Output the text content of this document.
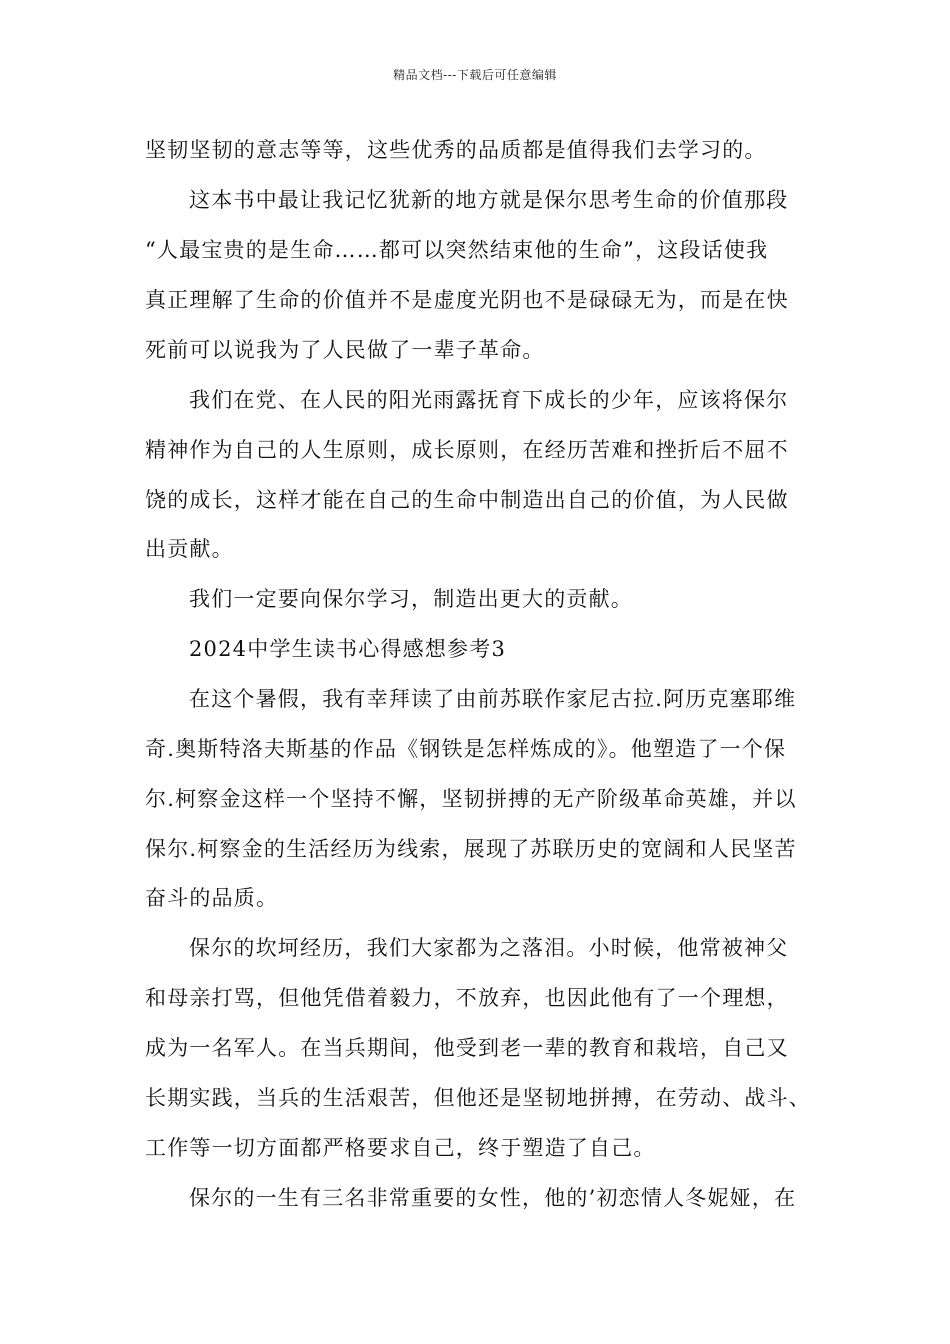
精品文档---下载后可任意编辑
坚韧坚韧的意志等等，这些优秀的品质都是值得我们去学习的。
这本书中最让我记忆犹新的地方就是保尔思考生命的价值那段
“人最宝贵的是生命……都可以突然结束他的生命”，这段话使我
真正理解了生命的价值并不是虚度光阴也不是碌碌无为，而是在快
死前可以说我为了人民做了一辈子革命。
我们在党、在人民的阳光雨露抚育下成长的少年，应该将保尔
精神作为自己的人生原则，成长原则，在经历苦难和挫折后不屈不
饶的成长，这样才能在自己的生命中制造出自己的价值，为人民做
出贡献。
我们一定要向保尔学习，制造出更大的贡献。
2024中学生读书心得感想参考3
在这个暑假，我有幸拜读了由前苏联作家尼古拉.阿历克塞耶维
奇.奥斯特洛夫斯基的作品《钢铁是怎样炼成的》。他塑造了一个保
尔.柯察金这样一个坚持不懈，坚韧拼搏的无产阶级革命英雄，并以
保尔.柯察金的生活经历为线索，展现了苏联历史的宽阔和人民坚苦
奋斗的品质。
保尔的坎坷经历，我们大家都为之落泪。小时候，他常被神父
和母亲打骂，但他凭借着毅力，不放弃，也因此他有了一个理想，
成为一名军人。在当兵期间，他受到老一辈的教育和栽培，自己又
长期实践，当兵的生活艰苦，但他还是坚韧地拼搏，在劳动、战斗、
工作等一切方面都严格要求自己，终于塑造了自己。
保尔的一生有三名非常重要的女性，他的’初恋情人冬妮娅，在
